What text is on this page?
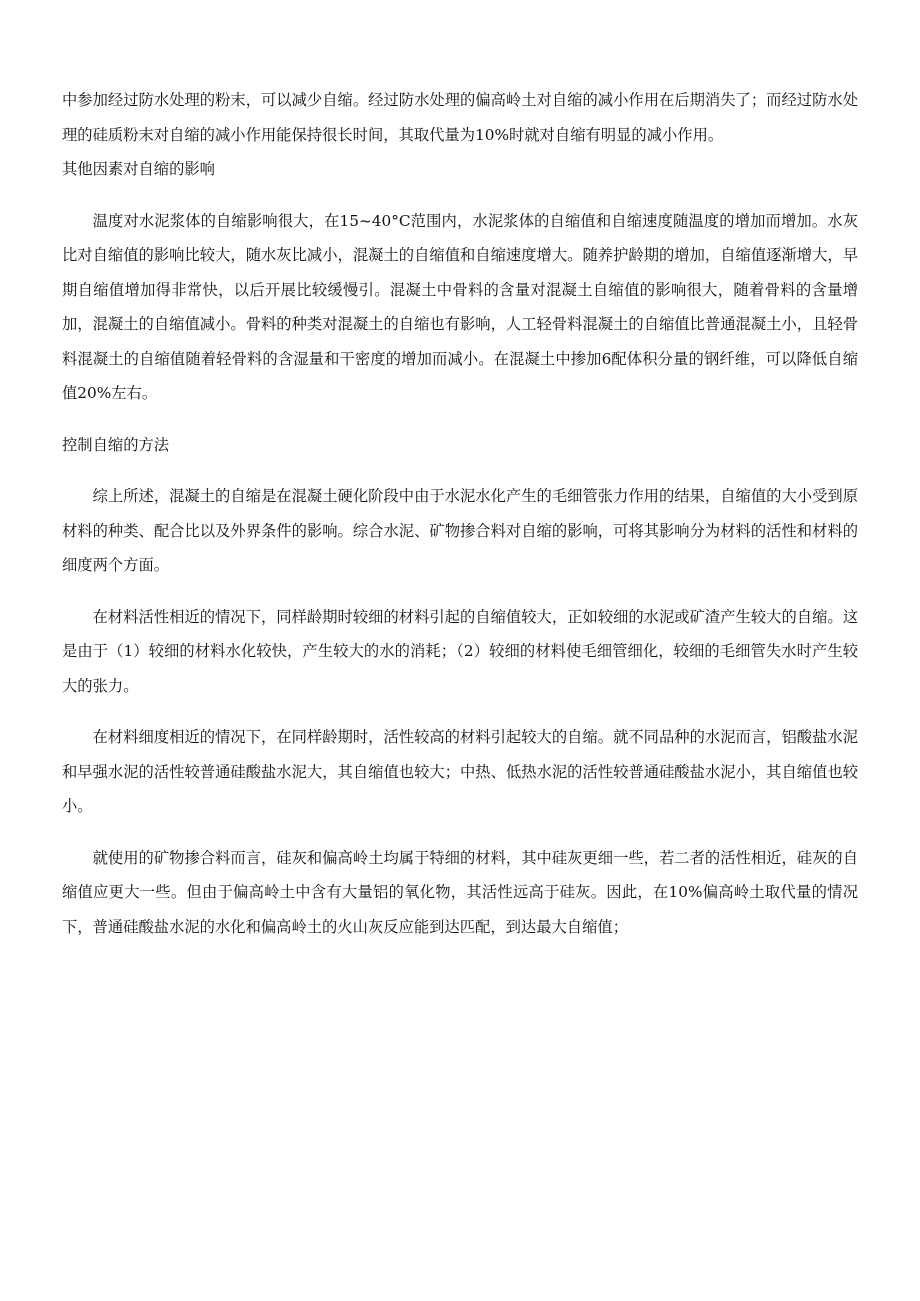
中参加经过防水处理的粉末，可以减少自缩。经过防水处理的偏高岭土对自缩的减小作用在后期消失了；而经过防水处理的硅质粉末对自缩的减小作用能保持很长时间，其取代量为10%时就对自缩有明显的减小作用。

其他因素对自缩的影响

温度对水泥浆体的自缩影响很大，在15~40°C范围内，水泥浆体的自缩值和自缩速度随温度的增加而增加。水灰比对自缩值的影响比较大，随水灰比减小，混凝土的自缩值和自缩速度增大。随养护龄期的增加，自缩值逐渐增大，早期自缩值增加得非常快，以后开展比较缓慢引。混凝土中骨料的含量对混凝土自缩值的影响很大，随着骨料的含量增加，混凝土的自缩值减小。骨料的种类对混凝土的自缩也有影响，人工轻骨料混凝土的自缩值比普通混凝土小，且轻骨料混凝土的自缩值随着轻骨料的含湿量和干密度的增加而减小。在混凝土中掺加6配体积分量的钢纤维，可以降低自缩值20%左右。

控制自缩的方法

综上所述，混凝土的自缩是在混凝土硬化阶段中由于水泥水化产生的毛细管张力作用的结果，自缩值的大小受到原材料的种类、配合比以及外界条件的影响。综合水泥、矿物掺合料对自缩的影响，可将其影响分为材料的活性和材料的细度两个方面。

在材料活性相近的情况下，同样龄期时较细的材料引起的自缩值较大，正如较细的水泥或矿渣产生较大的自缩。这是由于（1）较细的材料水化较快，产生较大的水的消耗；（2）较细的材料使毛细管细化，较细的毛细管失水时产生较大的张力。

在材料细度相近的情况下，在同样龄期时，活性较高的材料引起较大的自缩。就不同品种的水泥而言，铝酸盐水泥和早强水泥的活性较普通硅酸盐水泥大，其自缩值也较大；中热、低热水泥的活性较普通硅酸盐水泥小，其自缩值也较小。

就使用的矿物掺合料而言，硅灰和偏高岭土均属于特细的材料，其中硅灰更细一些，若二者的活性相近，硅灰的自缩值应更大一些。但由于偏高岭土中含有大量铝的氧化物，其活性远高于硅灰。因此，在10%偏高岭土取代量的情况下，普通硅酸盐水泥的水化和偏高岭土的火山灰反应能到达匹配，到达最大自缩值；
